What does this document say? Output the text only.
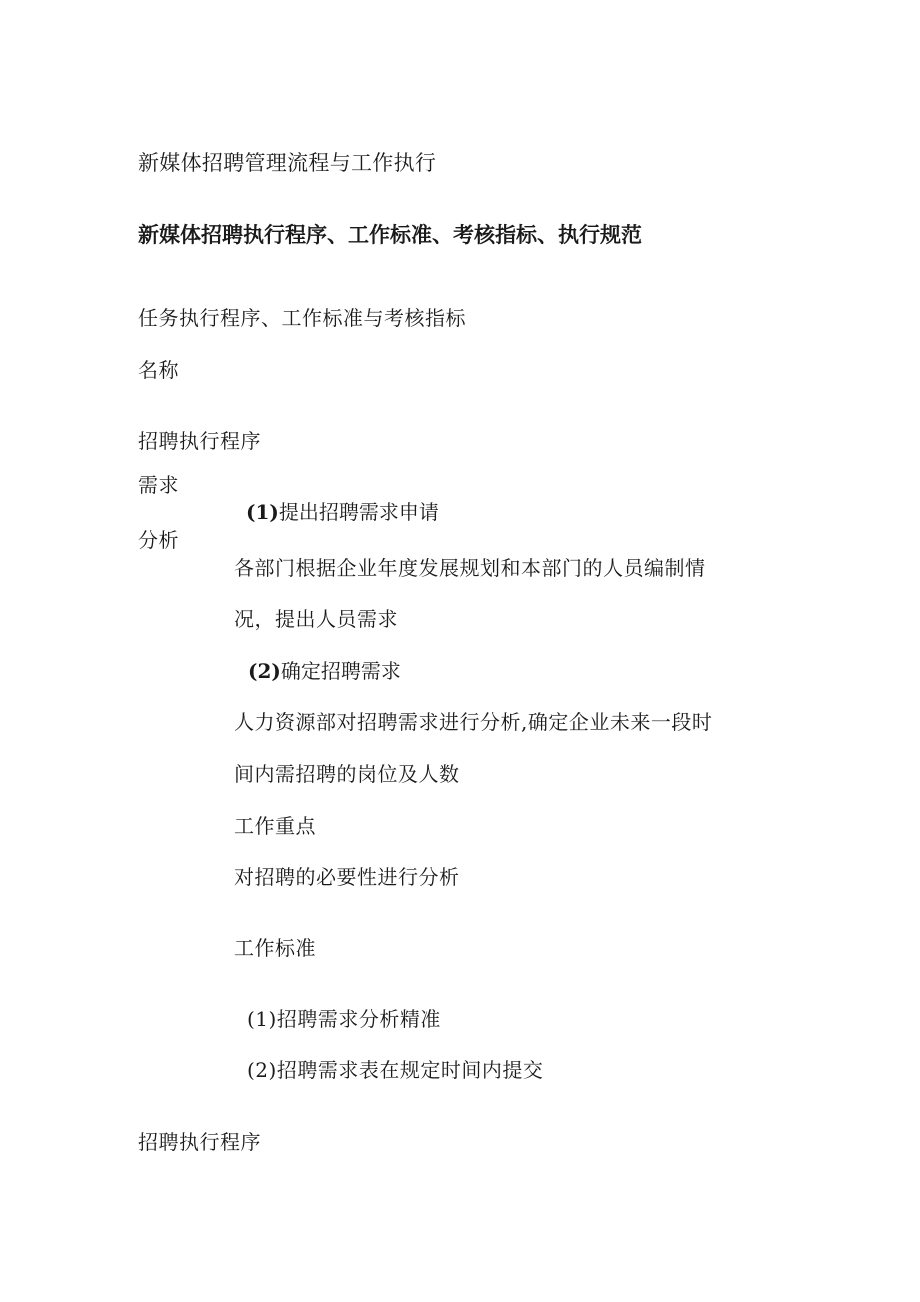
新媒体招聘管理流程与工作执行
新媒体招聘执行程序、工作标准、考核指标、执行规范
任务执行程序、工作标准与考核指标
名称
招聘执行程序
需求
分析
(1)提出招聘需求申请
各部门根据企业年度发展规划和本部门的人员编制情
况，提出人员需求
(2)确定招聘需求
人力资源部对招聘需求进行分析,确定企业未来一段时
间内需招聘的岗位及人数
工作重点
对招聘的必要性进行分析
工作标准
(1)招聘需求分析精准
(2)招聘需求表在规定时间内提交
招聘执行程序
